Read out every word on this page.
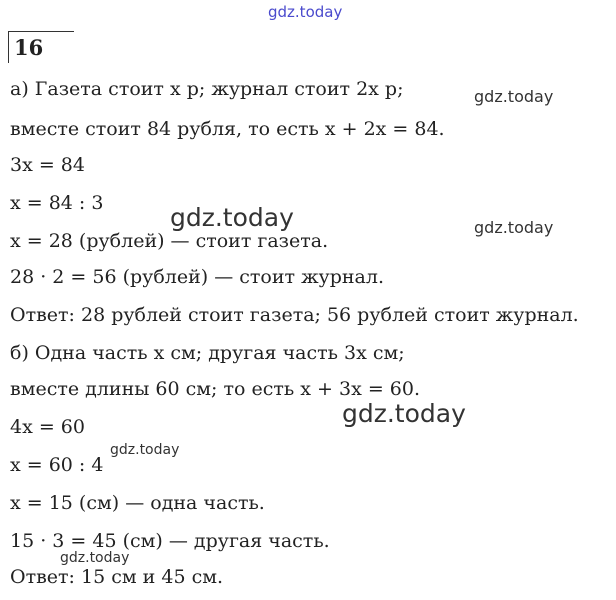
gdz.today
16
а) Газета стоит x р; журнал стоит 2x р;
вместе стоит 84 рубля, то есть x + 2x = 84.
3x = 84
x = 84 : 3
x = 28 (рублей) — стоит газета.
28 · 2 = 56 (рублей) — стоит журнал.
Ответ: 28 рублей стоит газета; 56 рублей стоит журнал.
б) Одна часть x см; другая часть 3x см;
вместе длины 60 см; то есть x + 3x = 60.
4x = 60
x = 60 : 4
x = 15 (см) — одна часть.
15 · 3 = 45 (см) — другая часть.
Ответ: 15 см и 45 см.
gdz.today
gdz.today	gdz.today
gdz.today
gdz.today
gdz.today
